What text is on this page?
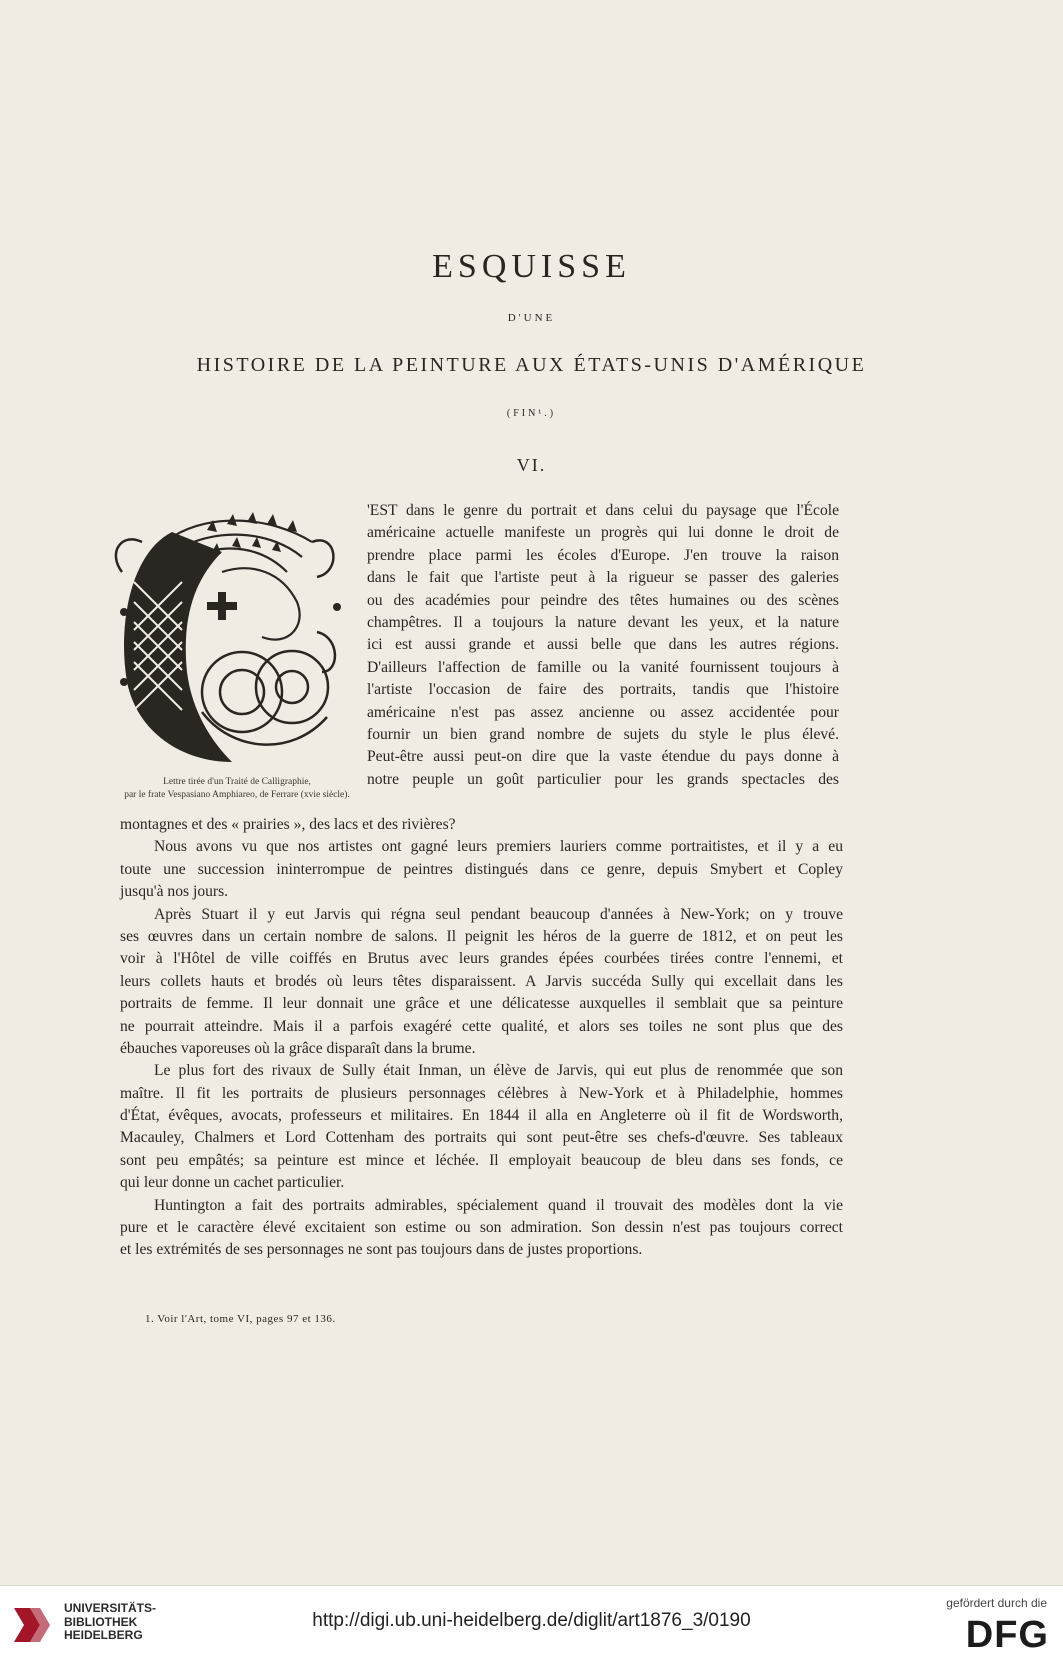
ESQUISSE
D'UNE
HISTOIRE DE LA PEINTURE AUX ÉTATS-UNIS D'AMÉRIQUE
(FIN¹.)
VI.
Lettre tirée d'un Traité de Calligraphie,
par le frate Vespasiano Amphiareo, de Ferrare (xvie siècle).
'EST dans le genre du portrait et dans celui du paysage que l'École
américaine actuelle manifeste un progrès qui lui donne le droit de
prendre place parmi les écoles d'Europe. J'en trouve la raison
dans le fait que l'artiste peut à la rigueur se passer des galeries
ou des académies pour peindre des têtes humaines ou des scènes
champêtres. Il a toujours la nature devant les yeux, et la nature
ici est aussi grande et aussi belle que dans les autres régions.
D'ailleurs l'affection de famille ou la vanité fournissent toujours à
l'artiste l'occasion de faire des portraits, tandis que l'histoire
américaine n'est pas assez ancienne ou assez accidentée pour
fournir un bien grand nombre de sujets du style le plus élevé.
Peut-être aussi peut-on dire que la vaste étendue du pays donne à
notre peuple un goût particulier pour les grands spectacles des
montagnes et des « prairies », des lacs et des rivières?
Nous avons vu que nos artistes ont gagné leurs premiers lauriers comme portraitistes, et il y a eu
toute une succession ininterrompue de peintres distingués dans ce genre, depuis Smybert et Copley
jusqu'à nos jours.
Après Stuart il y eut Jarvis qui régna seul pendant beaucoup d'années à New-York; on y trouve
ses œuvres dans un certain nombre de salons. Il peignit les héros de la guerre de 1812, et on peut les
voir à l'Hôtel de ville coiffés en Brutus avec leurs grandes épées courbées tirées contre l'ennemi, et
leurs collets hauts et brodés où leurs têtes disparaissent. A Jarvis succéda Sully qui excellait dans les
portraits de femme. Il leur donnait une grâce et une délicatesse auxquelles il semblait que sa peinture
ne pourrait atteindre. Mais il a parfois exagéré cette qualité, et alors ses toiles ne sont plus que des
ébauches vaporeuses où la grâce disparaît dans la brume.
Le plus fort des rivaux de Sully était Inman, un élève de Jarvis, qui eut plus de renommée que son
maître. Il fit les portraits de plusieurs personnages célèbres à New-York et à Philadelphie, hommes
d'État, évêques, avocats, professeurs et militaires. En 1844 il alla en Angleterre où il fit de Wordsworth,
Macauley, Chalmers et Lord Cottenham des portraits qui sont peut-être ses chefs-d'œuvre. Ses tableaux
sont peu empâtés; sa peinture est mince et léchée. Il employait beaucoup de bleu dans ses fonds, ce
qui leur donne un cachet particulier.
Huntington a fait des portraits admirables, spécialement quand il trouvait des modèles dont la vie
pure et le caractère élevé excitaient son estime ou son admiration. Son dessin n'est pas toujours correct
et les extrémités de ses personnages ne sont pas toujours dans de justes proportions.
1. Voir l'Art, tome VI, pages 97 et 136.
UNIVERSITÄTS-
BIBLIOTHEK
HEIDELBERG
http://digi.ub.uni-heidelberg.de/diglit/art1876_3/0190
gefördert durch die
DFG
